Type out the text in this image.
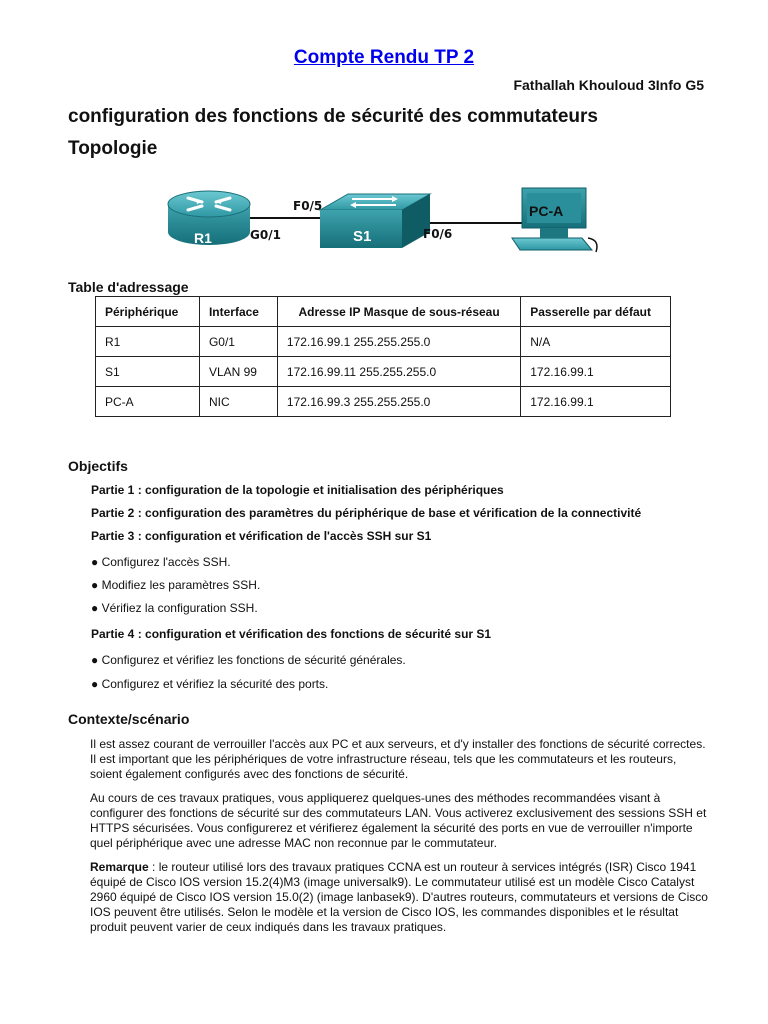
Compte Rendu TP 2
Fathallah Khouloud 3Info G5
configuration des fonctions de sécurité des commutateurs
Topologie
R1	S1
PC-A
G0/1
F0/5
F0/6
Table d'adressage
Périphérique	Interface	Adresse IP Masque de sous-réseau	Passerelle par défaut
R1	G0/1	172.16.99.1 255.255.255.0	N/A
S1	VLAN 99	172.16.99.11 255.255.255.0	172.16.99.1
PC-A	NIC	172.16.99.3 255.255.255.0	172.16.99.1
Objectifs
Partie 1 : configuration de la topologie et initialisation des périphériques
Partie 2 : configuration des paramètres du périphérique de base et vérification de la connectivité
Partie 3 : configuration et vérification de l'accès SSH sur S1
● Configurez l'accès SSH.
● Modifiez les paramètres SSH.
● Vérifiez la configuration SSH.
Partie 4 : configuration et vérification des fonctions de sécurité sur S1
● Configurez et vérifiez les fonctions de sécurité générales.
● Configurez et vérifiez la sécurité des ports.
Contexte/scénario
Il est assez courant de verrouiller l'accès aux PC et aux serveurs, et d'y installer des fonctions de sécurité correctes. Il est important que les périphériques de votre infrastructure réseau, tels que les commutateurs et les routeurs, soient également configurés avec des fonctions de sécurité.
Au cours de ces travaux pratiques, vous appliquerez quelques-unes des méthodes recommandées visant à configurer des fonctions de sécurité sur des commutateurs LAN. Vous activerez exclusivement des sessions SSH et HTTPS sécurisées. Vous configurerez et vérifierez également la sécurité des ports en vue de verrouiller n'importe quel périphérique avec une adresse MAC non reconnue par le commutateur.
Remarque : le routeur utilisé lors des travaux pratiques CCNA est un routeur à services intégrés (ISR) Cisco 1941 équipé de Cisco IOS version 15.2(4)M3 (image universalk9). Le commutateur utilisé est un modèle Cisco Catalyst 2960 équipé de Cisco IOS version 15.0(2) (image lanbasek9). D'autres routeurs, commutateurs et versions de Cisco IOS peuvent être utilisés. Selon le modèle et la version de Cisco IOS, les commandes disponibles et le résultat produit peuvent varier de ceux indiqués dans les travaux pratiques.
